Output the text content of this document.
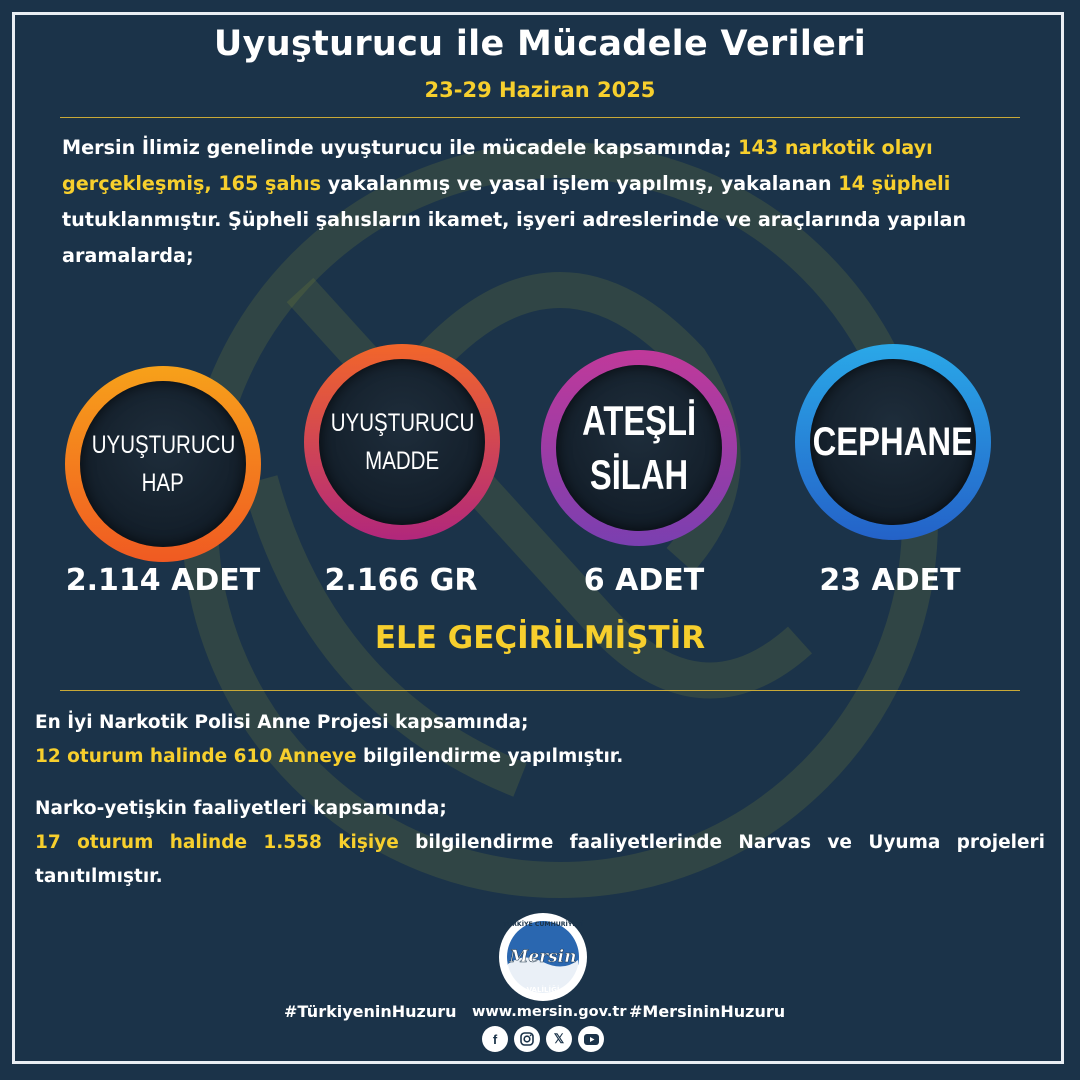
Uyuşturucu ile Mücadele Verileri
23-29 Haziran 2025
Mersin İlimiz genelinde uyuşturucu ile mücadele kapsamında; 143 narkotik olayı gerçekleşmiş, 165 şahıs yakalanmış ve yasal işlem yapılmış, yakalanan 14 şüpheli tutuklanmıştır. Şüpheli şahısların ikamet, işyeri adreslerinde ve araçlarında yapılan aramalarda;
UYUŞTURUCU
HAP
2.114 ADET
UYUŞTURUCU
MADDE
2.166 GR
ATEŞLİ
SİLAH
6 ADET
CEPHANE
23 ADET
ELE GEÇİRİLMİŞTİR
En İyi Narkotik Polisi Anne Projesi kapsamında;
12 oturum halinde 610 Anneye bilgilendirme yapılmıştır.
Narko-yetişkin faaliyetleri kapsamında;
17 oturum halinde 1.558 kişiye bilgilendirme faaliyetlerinde Narvas ve Uyuma projeleri tanıtılmıştır.
TÜRKİYE CUMHURİYETİ
Mersin
VALİLİĞİ
#TürkiyeninHuzuru www.mersin.gov.tr #MersininHuzuru
f	𝕏
